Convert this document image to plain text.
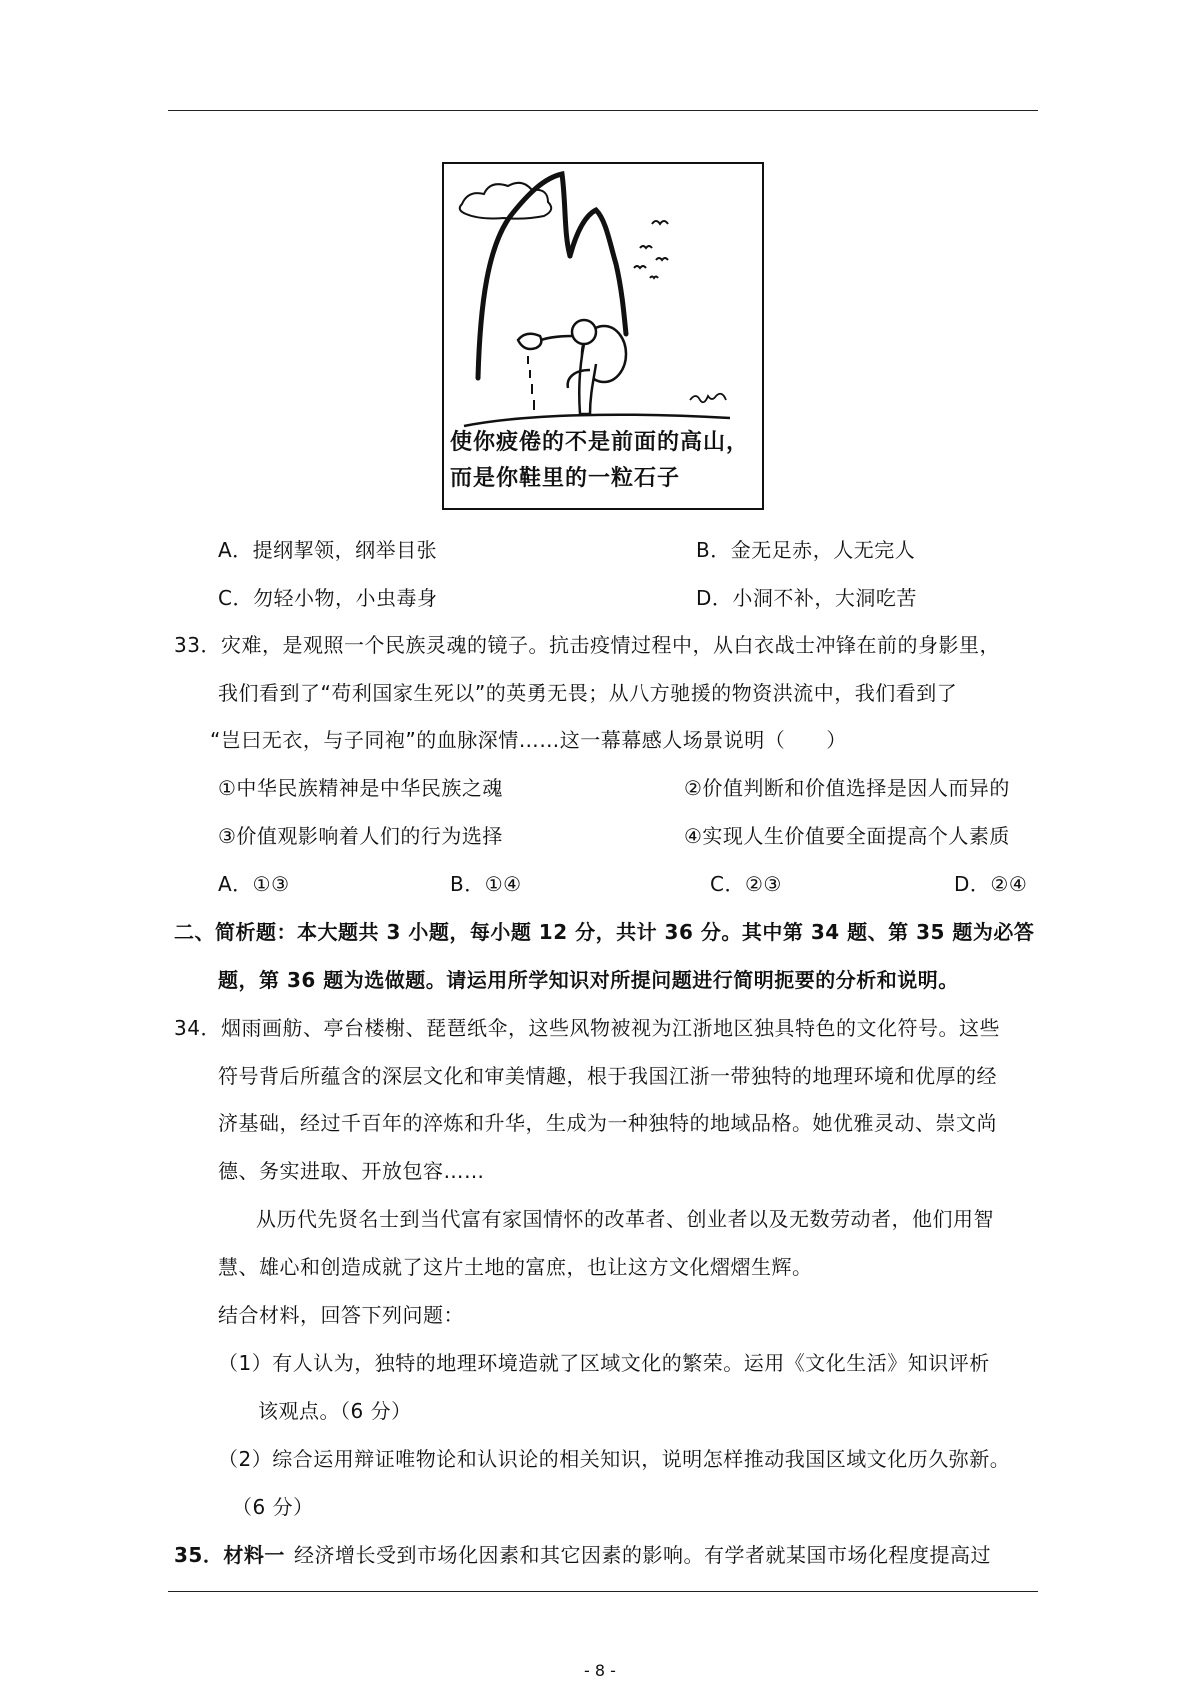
使你疲倦的不是前面的高山，
而是你鞋里的一粒石子
A．提纲挈领，纲举目张	B．金无足赤，人无完人
C．勿轻小物，小虫毒身	D．小洞不补，大洞吃苦
33．灾难，是观照一个民族灵魂的镜子。抗击疫情过程中，从白衣战士冲锋在前的身影里，
我们看到了“苟利国家生死以”的英勇无畏；从八方驰援的物资洪流中，我们看到了
“岂曰无衣，与子同袍”的血脉深情……这一幕幕感人场景说明（　　）
①中华民族精神是中华民族之魂	②价值判断和价值选择是因人而异的
③价值观影响着人们的行为选择	④实现人生价值要全面提高个人素质
A．①③	B．①④	C．②③	D．②④
二、简析题：本大题共 3 小题，每小题 12 分，共计 36 分。其中第 34 题、第 35 题为必答
题，第 36 题为选做题。请运用所学知识对所提问题进行简明扼要的分析和说明。
34．烟雨画舫、亭台楼榭、琵琶纸伞，这些风物被视为江浙地区独具特色的文化符号。这些
符号背后所蕴含的深层文化和审美情趣，根于我国江浙一带独特的地理环境和优厚的经
济基础，经过千百年的淬炼和升华，生成为一种独特的地域品格。她优雅灵动、崇文尚
德、务实进取、开放包容……
从历代先贤名士到当代富有家国情怀的改革者、创业者以及无数劳动者，他们用智
慧、雄心和创造成就了这片土地的富庶，也让这方文化熠熠生辉。
结合材料，回答下列问题：
（1）有人认为，独特的地理环境造就了区域文化的繁荣。运用《文化生活》知识评析
该观点。（6 分）
（2）综合运用辩证唯物论和认识论的相关知识，说明怎样推动我国区域文化历久弥新。
（6 分）
35．材料一 经济增长受到市场化因素和其它因素的影响。有学者就某国市场化程度提高过
- 8 -
